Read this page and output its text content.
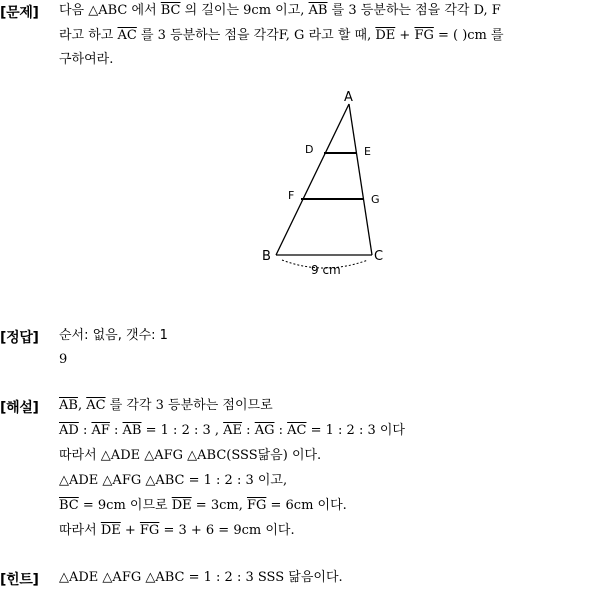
[문제] 다음 △ABC 에서 $\overline{BC}$ 의 길이는 9cm 이고, $\overline{AB}$ 를 3 등분하는 점을 각각 D, F
라고 하고 $\overline{AC}$ 를 3 등분하는 점을 각각F, G 라고 할 때, $\overline{DE} + \overline{FG}$ = ( )cm 를
구하여라.
A
B	C
D	E
F	G
9 cm
[정답] 순서: 없음, 갯수: 1
9
[해설] $\overline{AB}$, $\overline{AC}$ 를 각각 3 등분하는 점이므로
$\overline{AD}$ : $\overline{AF}$ : $\overline{AB} = 1$ : 2 : 3 , $\overline{AE}$ : $\overline{AG}$ : $\overline{AC} = 1$ : 2 : 3 이다
따라서 △ADE △AFG △ABC(SSS닮음) 이다.
△ADE △AFG △ABC = 1 : 2 : 3 이고,
$\overline{BC} = 9cm$ 이므로 $\overline{DE} = 3cm$, $\overline{FG} = 6cm$ 이다.
따라서 $\overline{DE} + \overline{FG} = 3 + 6 = 9cm$ 이다.
[힌트] △ADE △AFG △ABC = 1 : 2 : 3 SSS 닮음이다.
